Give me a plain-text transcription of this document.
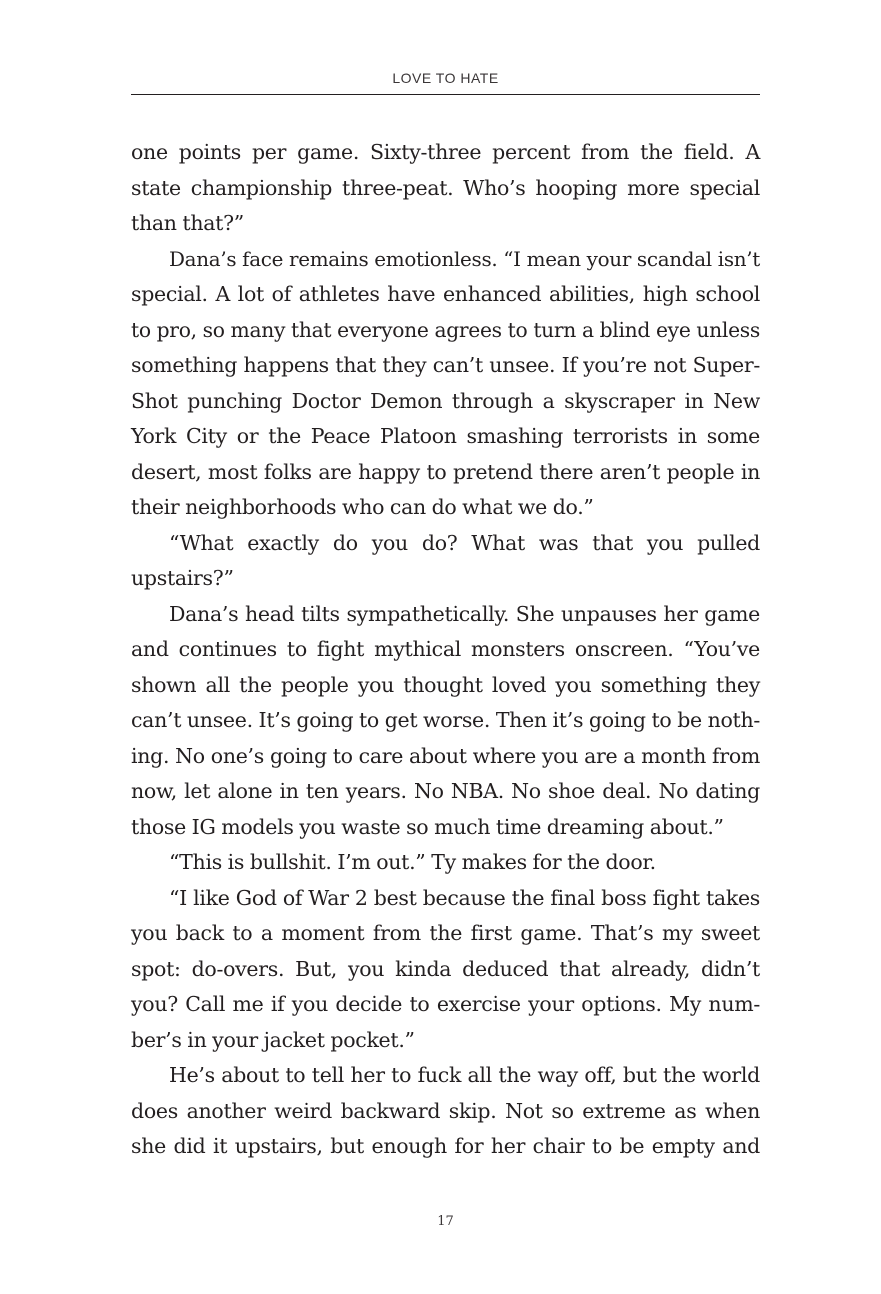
LOVE TO HATE
one points per game. Sixty-three percent from the field. A
state championship three-peat. Who’s hooping more special
than that?”
Dana’s face remains emotionless. “I mean your scandal isn’t
special. A lot of athletes have enhanced abilities, high school
to pro, so many that everyone agrees to turn a blind eye unless
something happens that they can’t unsee. If you’re not Super-
Shot punching Doctor Demon through a skyscraper in New
York City or the Peace Platoon smashing terrorists in some
desert, most folks are happy to pretend there aren’t people in
their neighborhoods who can do what we do.”
“What exactly do you do? What was that you pulled
upstairs?”
Dana’s head tilts sympathetically. She unpauses her game
and continues to fight mythical monsters onscreen. “You’ve
shown all the people you thought loved you something they
can’t unsee. It’s going to get worse. Then it’s going to be noth-
ing. No one’s going to care about where you are a month from
now, let alone in ten years. No NBA. No shoe deal. No dating
those IG models you waste so much time dreaming about.”
“This is bullshit. I’m out.” Ty makes for the door.
“I like God of War 2 best because the final boss fight takes
you back to a moment from the first game. That’s my sweet
spot: do-overs. But, you kinda deduced that already, didn’t
you? Call me if you decide to exercise your options. My num-
ber’s in your jacket pocket.”
He’s about to tell her to fuck all the way off, but the world
does another weird backward skip. Not so extreme as when
she did it upstairs, but enough for her chair to be empty and
17
